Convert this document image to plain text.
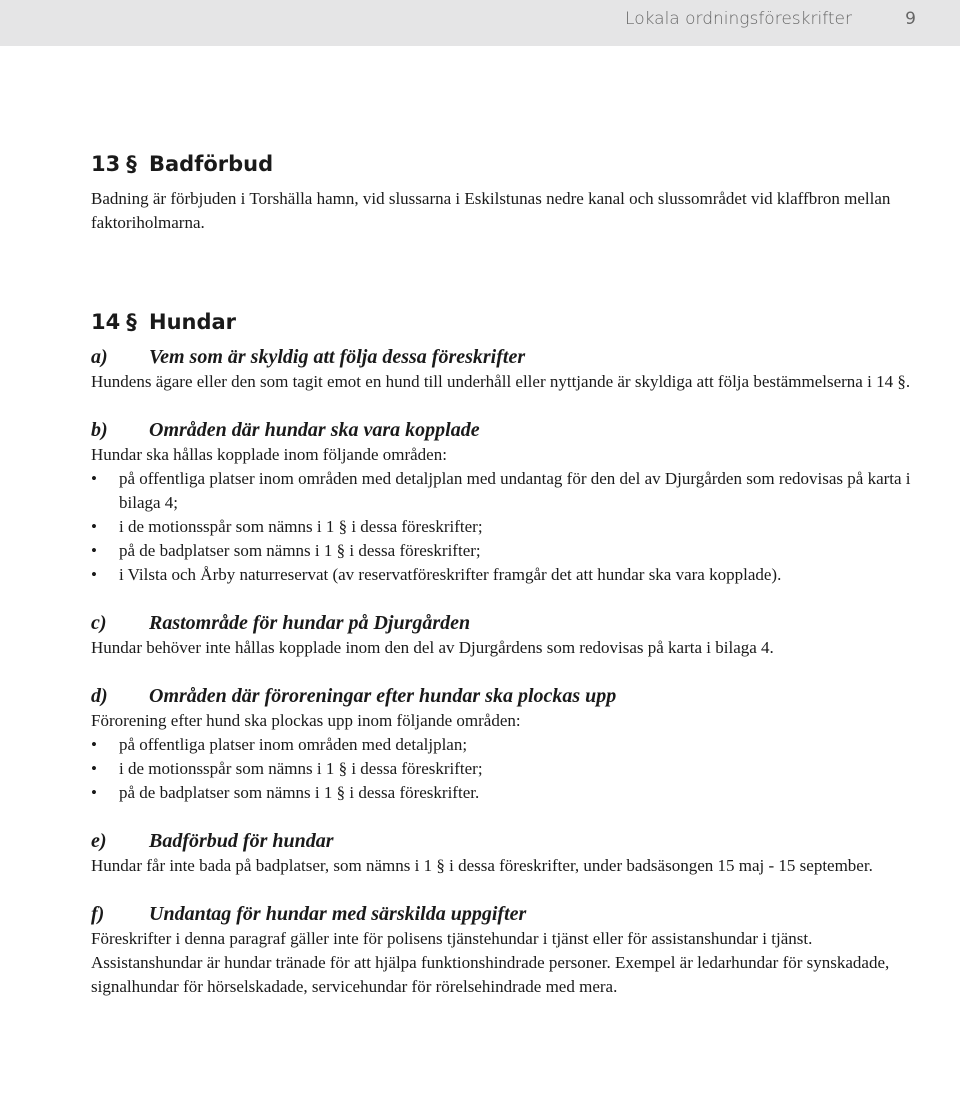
Lokala ordningsföreskrifter	9
13 § Badförbud

Badning är förbjuden i Torshälla hamn, vid slussarna i Eskilstunas nedre kanal och slussområdet vid klaffbron mellan faktoriholmarna.

14 § Hundar
a) Vem som är skyldig att följa dessa föreskrifter

Hundens ägare eller den som tagit emot en hund till underhåll eller nyttjande är skyldiga att följa bestämmelserna i 14 §.

b) Områden där hundar ska vara kopplade

Hundar ska hållas kopplade inom följande områden:

• på offentliga platser inom områden med detaljplan med undantag för den del av Djurgården som redovisas på karta i bilaga 4;
• i de motionsspår som nämns i 1 § i dessa föreskrifter;
• på de badplatser som nämns i 1 § i dessa föreskrifter;
• i Vilsta och Årby naturreservat (av reservatföreskrifter framgår det att hundar ska vara kopplade).
c) Rastområde för hundar på Djurgården

Hundar behöver inte hållas kopplade inom den del av Djurgårdens som redovisas på karta i bilaga 4.

d) Områden där föroreningar efter hundar ska plockas upp

Förorening efter hund ska plockas upp inom följande områden:

• på offentliga platser inom områden med detaljplan;
• i de motionsspår som nämns i 1 § i dessa föreskrifter;
• på de badplatser som nämns i 1 § i dessa föreskrifter.
e) Badförbud för hundar

Hundar får inte bada på badplatser, som nämns i 1 § i dessa föreskrifter, under badsäsongen 15 maj - 15 september.

f) Undantag för hundar med särskilda uppgifter

Föreskrifter i denna paragraf gäller inte för polisens tjänstehundar i tjänst eller för assistanshundar i tjänst. Assistanshundar är hundar tränade för att hjälpa funktionshindrade personer. Exempel är ledarhundar för synskadade, signalhundar för hörselskadade, servicehundar för rörelsehindrade med mera.
